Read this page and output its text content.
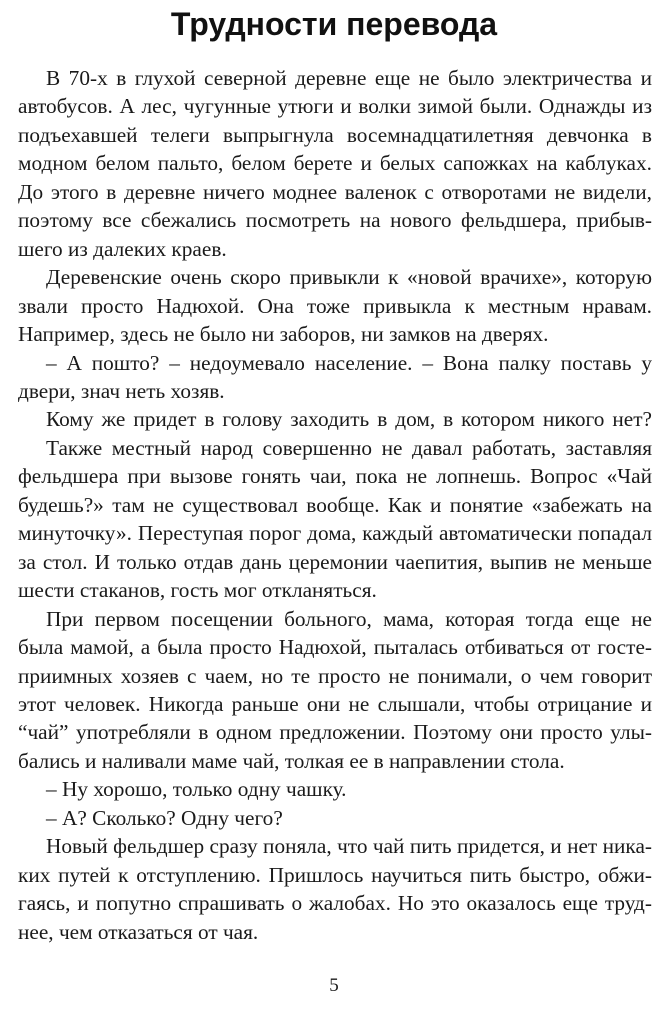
Трудности перевода

В 70-х в глухой северной деревне еще не было электричества и автобусов. А лес, чугунные утюги и волки зимой были. Однажды из подъехавшей телеги выпрыгнула восемнадцатилетняя девчонка в модном белом пальто, белом берете и белых сапожках на каблуках. До этого в деревне ничего моднее валенок с отворотами не видели, поэтому все сбежались посмотреть на нового фельдшера, прибывшего из далеких краев.

Деревенские очень скоро привыкли к «новой врачихе», которую звали просто Надюхой. Она тоже привыкла к местным нравам. Например, здесь не было ни заборов, ни замков на дверях.

– А пошто? – недоумевало население. – Вона палку поставь у двери, знач неть хозяв.

Кому же придет в голову заходить в дом, в котором никого нет?

Также местный народ совершенно не давал работать, заставляя фельдшера при вызове гонять чаи, пока не лопнешь. Вопрос «Чай будешь?» там не существовал вообще. Как и понятие «забежать на минуточку». Переступая порог дома, каждый автоматически попадал за стол. И только отдав дань церемонии чаепития, выпив не меньше шести стаканов, гость мог откланяться.

При первом посещении больного, мама, которая тогда еще не была мамой, а была просто Надюхой, пыталась отбиваться от гостеприимных хозяев с чаем, но те просто не понимали, о чем говорит этот человек. Никогда раньше они не слышали, чтобы отрицание и “чай” употребляли в одном предложении. Поэтому они просто улыбались и наливали маме чай, толкая ее в направлении стола.

– Ну хорошо, только одну чашку.

– А? Сколько? Одну чего?

Новый фельдшер сразу поняла, что чай пить придется, и нет никаких путей к отступлению. Пришлось научиться пить быстро, обжигаясь, и попутно спрашивать о жалобах. Но это оказалось еще труднее, чем отказаться от чая.

5
